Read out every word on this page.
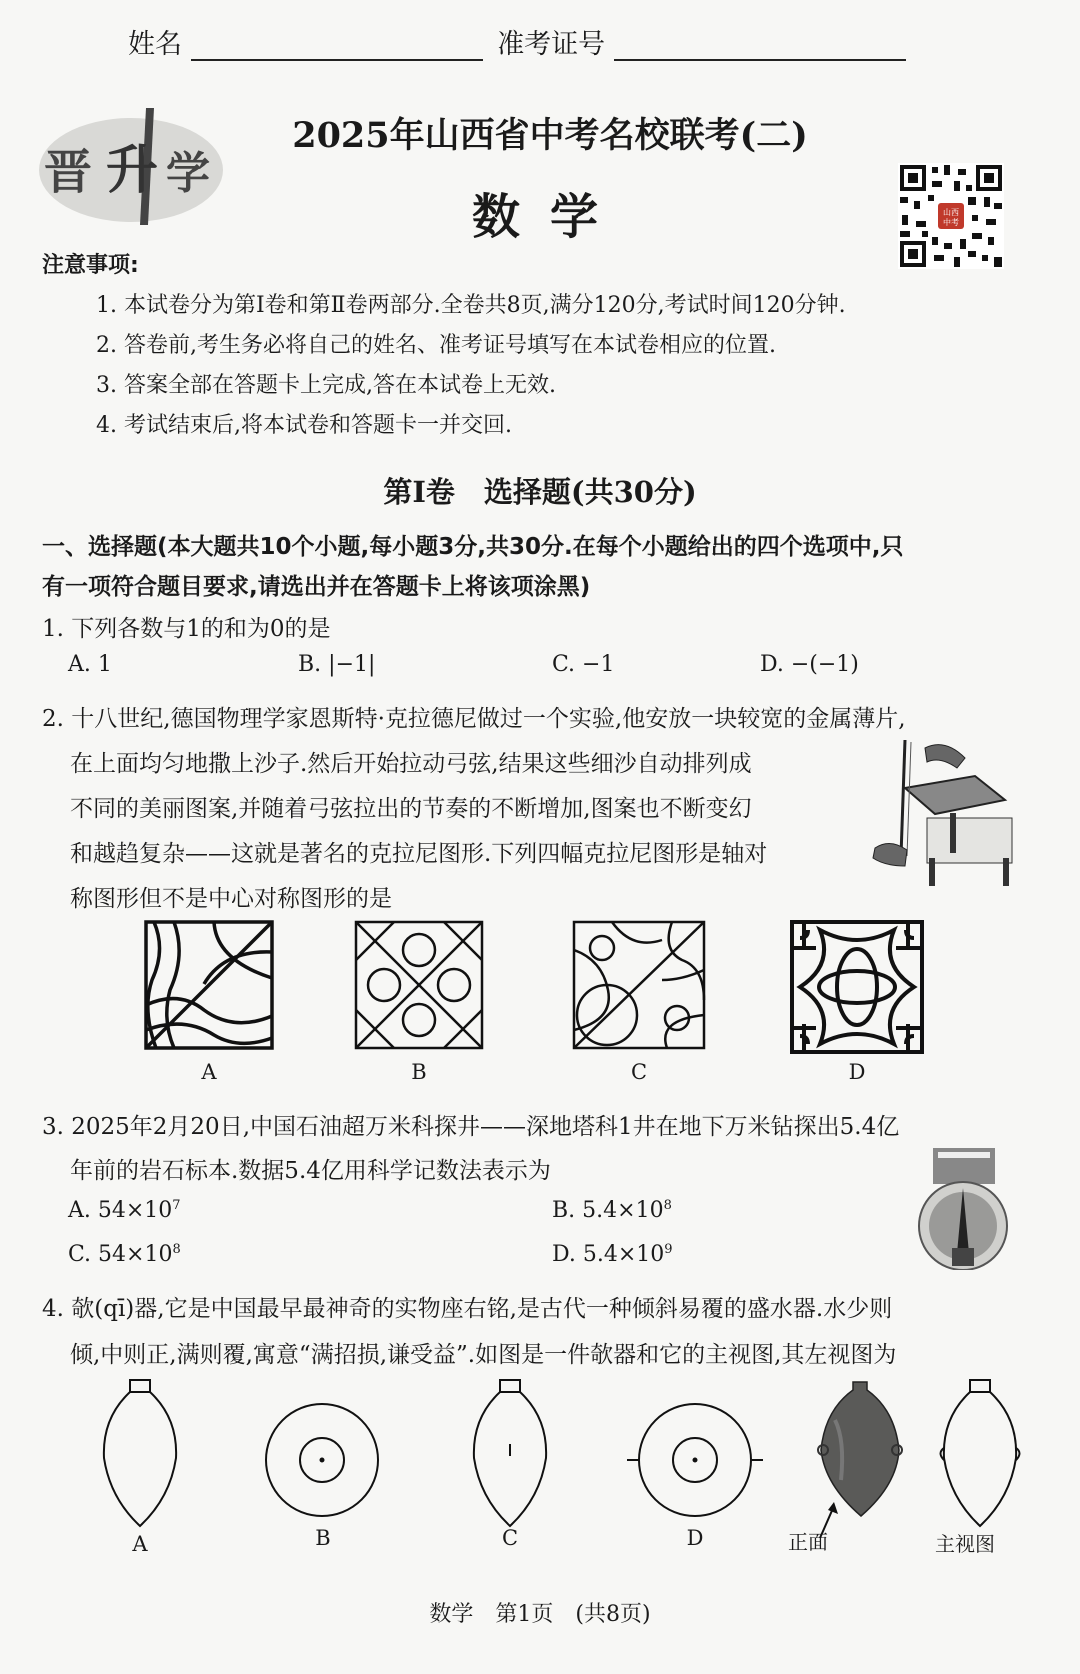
姓名	准考证号
晋 升 学
2025年山西省中考名校联考(二)
数学	山西
中考
注意事项:
1. 本试卷分为第Ⅰ卷和第Ⅱ卷两部分.全卷共8页,满分120分,考试时间120分钟.
2. 答卷前,考生务必将自己的姓名、准考证号填写在本试卷相应的位置.
3. 答案全部在答题卡上完成,答在本试卷上无效.
4. 考试结束后,将本试卷和答题卡一并交回.
第Ⅰ卷　选择题(共30分)
一、选择题(本大题共10个小题,每小题3分,共30分.在每个小题给出的四个选项中,只
有一项符合题目要求,请选出并在答题卡上将该项涂黑)
1. 下列各数与1的和为0的是
A. 1	B. |−1|	C. −1	D. −(−1)
2. 十八世纪,德国物理学家恩斯特·克拉德尼做过一个实验,他安放一块较宽的金属薄片,
在上面均匀地撒上沙子.然后开始拉动弓弦,结果这些细沙自动排列成
不同的美丽图案,并随着弓弦拉出的节奏的不断增加,图案也不断变幻
和越趋复杂——这就是著名的克拉尼图形.下列四幅克拉尼图形是轴对
称图形但不是中心对称图形的是
A	B	C	D
3. 2025年2月20日,中国石油超万米科探井——深地塔科1井在地下万米钻探出5.4亿
年前的岩石标本.数据5.4亿用科学记数法表示为
A. $54\times 10^7$	B. $5.4\times 10^8$
C. $54\times 10^8$	D. $5.4\times 10^9$
4. 欹(qī)器,它是中国最早最神奇的实物座右铭,是古代一种倾斜易覆的盛水器.水少则
倾,中则正,满则覆,寓意“满招损,谦受益”.如图是一件欹器和它的主视图,其左视图为
A	B	C	D	正面	主视图
数学　第1页　(共8页)
